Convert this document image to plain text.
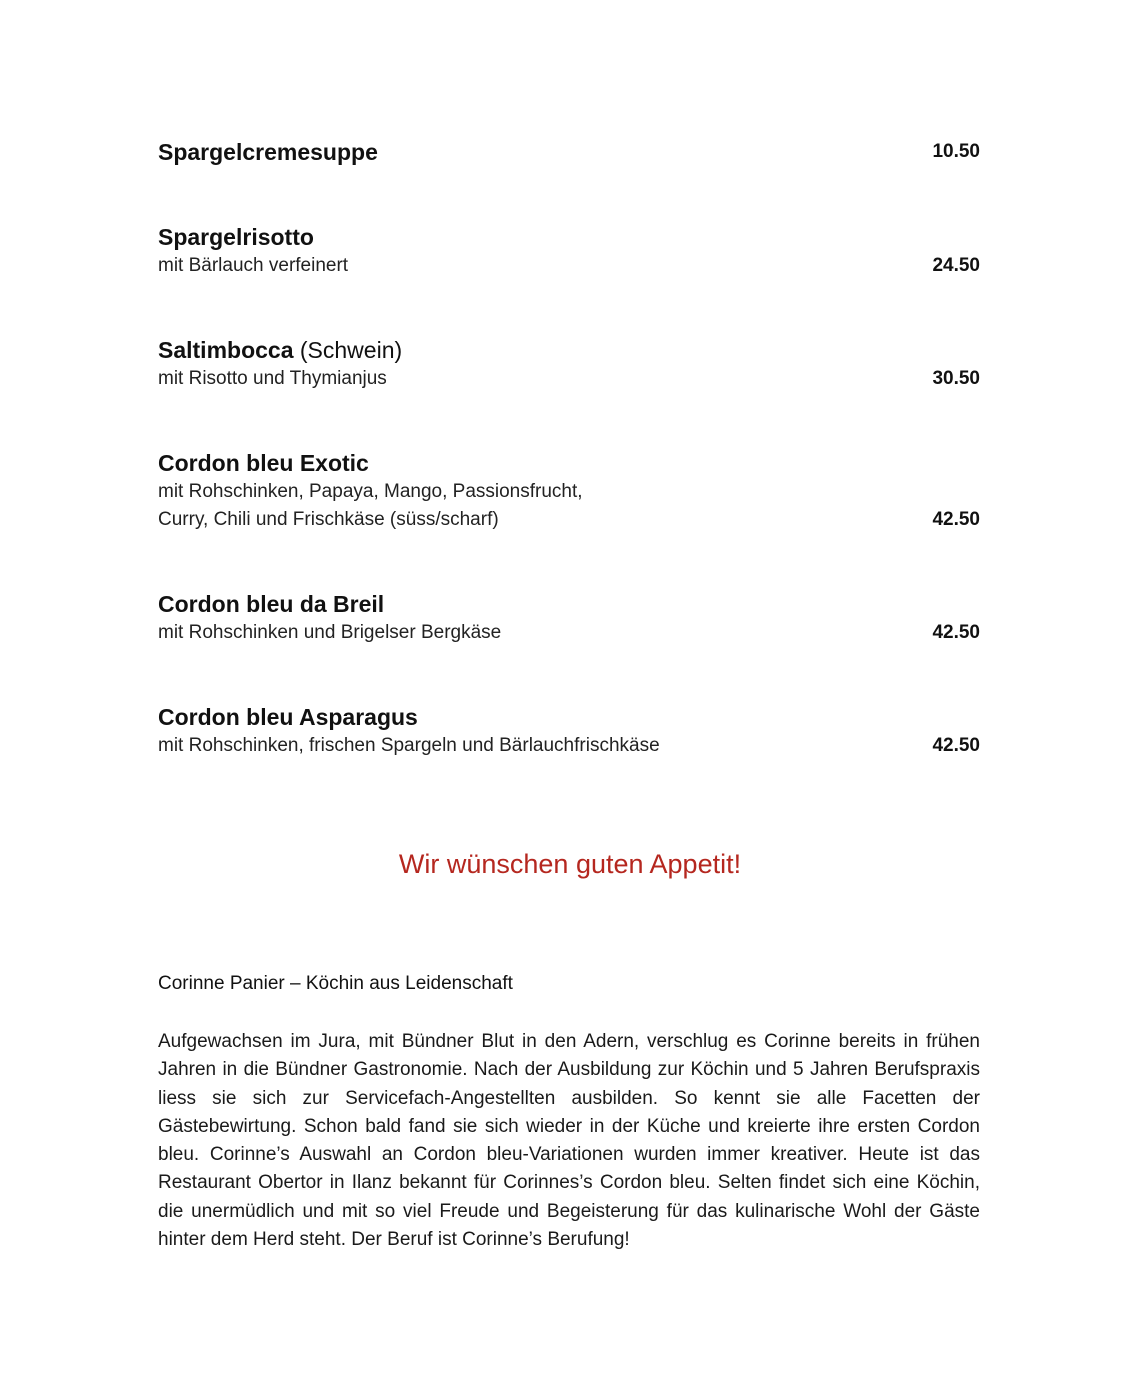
Spargelcremesuppe	10.50
Spargelrisotto
mit Bärlauch verfeinert	24.50
Saltimbocca (Schwein)
mit Risotto und Thymianjus	30.50
Cordon bleu Exotic
mit Rohschinken, Papaya, Mango, Passionsfrucht,
Curry, Chili und Frischkäse (süss/scharf)	42.50
Cordon bleu da Breil
mit Rohschinken und Brigelser Bergkäse	42.50
Cordon bleu Asparagus
mit Rohschinken, frischen Spargeln und Bärlauchfrischkäse	42.50
Wir wünschen guten Appetit!
Corinne Panier – Köchin aus Leidenschaft
Aufgewachsen im Jura, mit Bündner Blut in den Adern, verschlug es Corinne bereits in frühen Jahren in die Bündner Gastronomie. Nach der Ausbildung zur Köchin und 5 Jahren Berufspraxis liess sie sich zur Servicefach-Angestellten ausbilden. So kennt sie alle Facetten der Gästebewirtung. Schon bald fand sie sich wieder in der Küche und kreierte ihre ersten Cordon bleu. Corinne’s Auswahl an Cordon bleu-Variationen wurden immer kreativer. Heute ist das Restaurant Obertor in Ilanz bekannt für Corinnes’s Cordon bleu. Selten findet sich eine Köchin, die unermüdlich und mit so viel Freude und Begeisterung für das kulinarische Wohl der Gäste hinter dem Herd steht. Der Beruf ist Corinne’s Berufung!
